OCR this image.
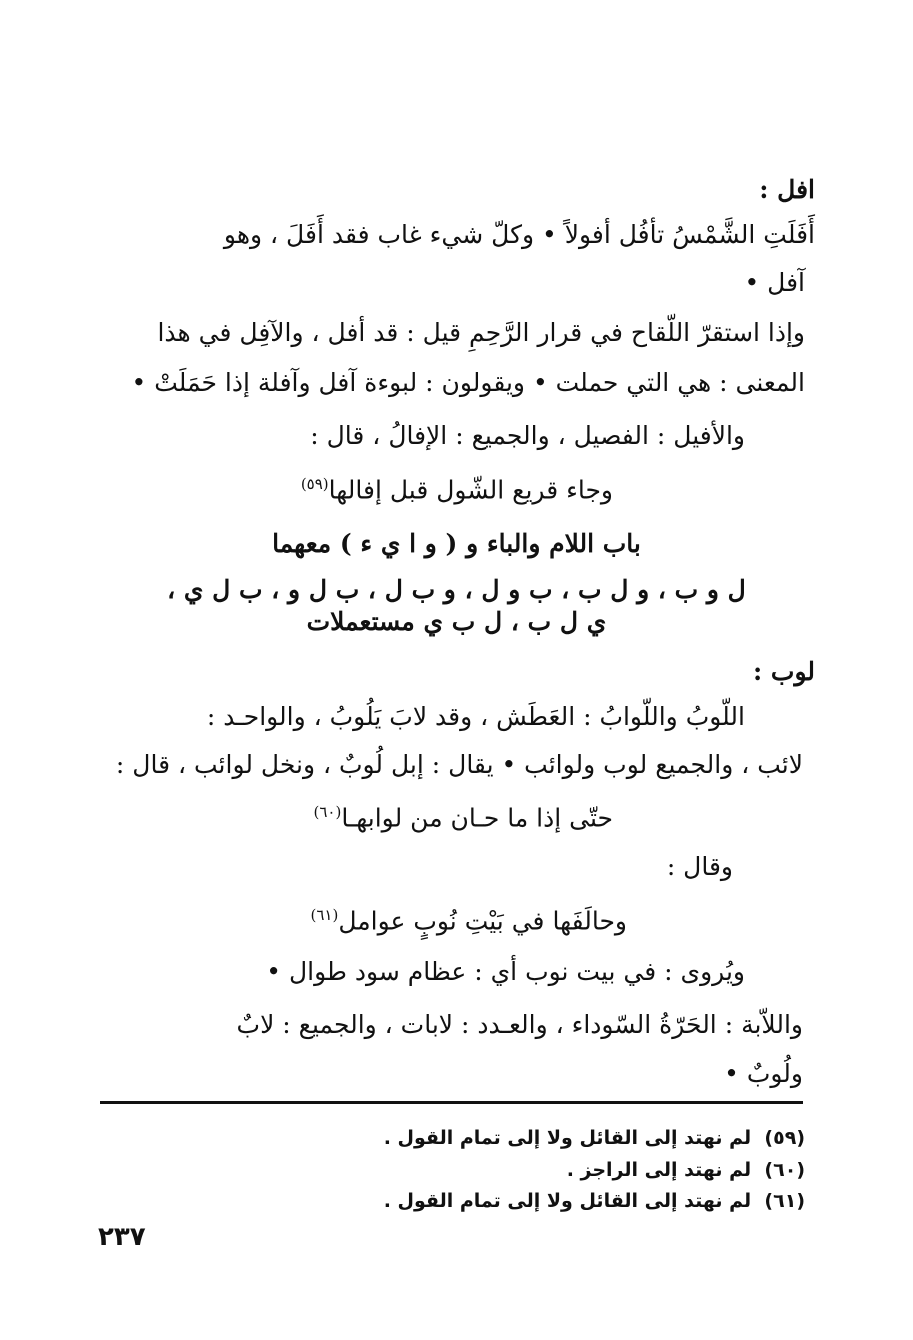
افل :
أَفَلَتِ الشَّمْسُ تأفُل أفولاً • وكلّ شيء غاب فقد أَفَلَ ، وهو
آفل •
وإذا استقرّ اللّقاح في قرار الرَّحِمِ قيل : قد أفل ، والآفِل في هذا
المعنى : هي التي حملت • ويقولون : لبوءة آفل وآفلة إذا حَمَلَتْ •
والأفيل : الفصيل ، والجميع : الإفالُ ، قال :
وجاء قريع الشّول قبل إفالها$^{(٥٩)}$
باب اللام والباء و ( و ا ي ء ) معهما
ل و ب ، و ل ب ، ب و ل ، و ب ل ، ب ل و ، ب ل ي ،
ي ل ب ، ل ب ي مستعملات
لوب :
اللّوبُ واللّوابُ : العَطَش ، وقد لابَ يَلُوبُ ، والواحـد :
لائب ، والجميع لوب ولوائب • يقال : إبل لُوبٌ ، ونخل لوائب ، قال :
حتّى إذا ما حـان من لوابهـا$^{(٦٠)}$
وقال :
وحالَفَها في بَيْتِ نُوبٍ عوامل$^{(٦١)}$
ويُروى : في بيت نوب أي : عظام سود طوال •
واللاّبة : الحَرّةُ السّوداء ، والعـدد : لابات ، والجميع : لابٌ
ولُوبٌ •
(٥٩)  لم نهتد إلى القائل ولا إلى تمام القول .
(٦٠)  لم نهتد إلى الراجز .
(٦١)  لم نهتد إلى القائل ولا إلى تمام القول .
٢٣٧
